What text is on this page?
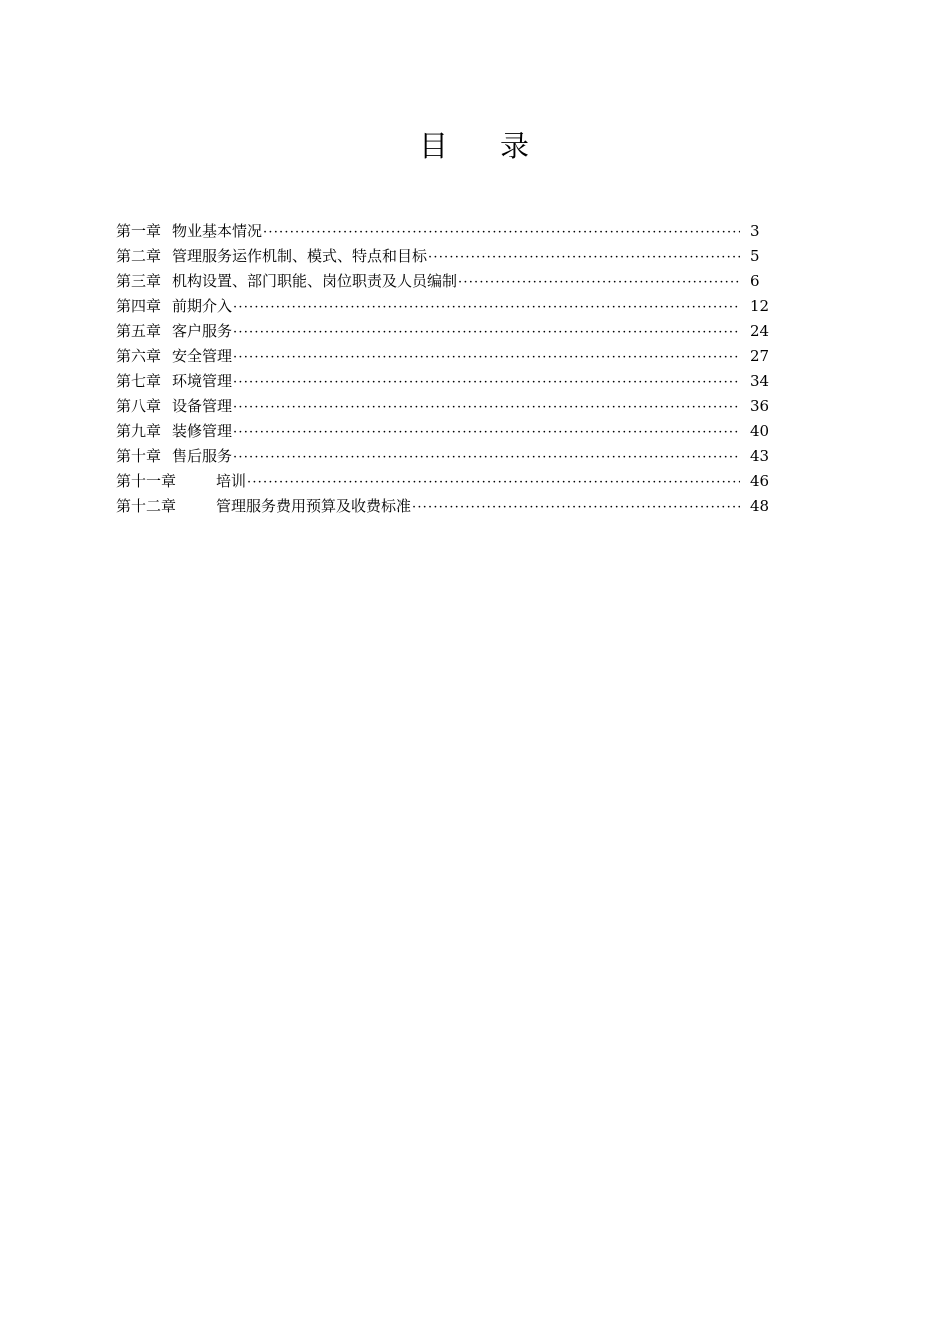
目 录
第一章 物业基本情况 ·····	3
第二章 管理服务运作机制、模式、特点和目标 ·····	5
第三章 机构设置、部门职能、岗位职责及人员编制 ·····	6
第四章 前期介入 ·····	12
第五章 客户服务 ·····	24
第六章 安全管理 ·····	27
第七章 环境管理 ·····	34
第八章 设备管理 ·····	36
第九章 装修管理 ·····	40
第十章 售后服务 ·····	43
第十一章	培训 ·····	46
第十二章	管理服务费用预算及收费标准 ·····	48
